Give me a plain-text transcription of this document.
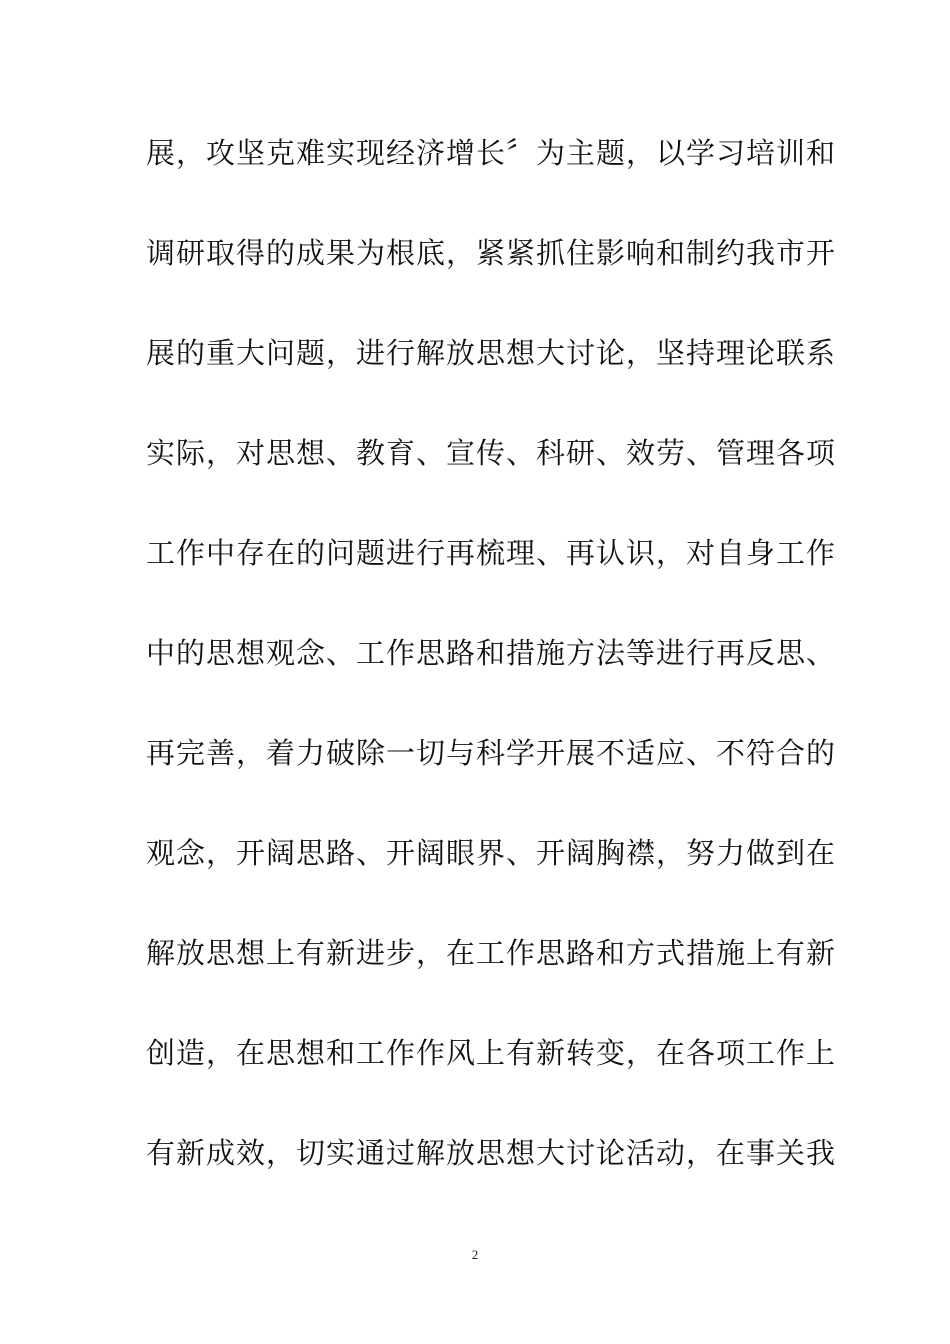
展，攻坚克难实现经济增长〞为主题，以学习培训和
调研取得的成果为根底，紧紧抓住影响和制约我市开
展的重大问题，进行解放思想大讨论，坚持理论联系
实际，对思想、教育、宣传、科研、效劳、管理各项
工作中存在的问题进行再梳理、再认识，对自身工作
中的思想观念、工作思路和措施方法等进行再反思、
再完善，着力破除一切与科学开展不适应、不符合的
观念，开阔思路、开阔眼界、开阔胸襟，努力做到在
解放思想上有新进步，在工作思路和方式措施上有新
创造，在思想和工作作风上有新转变，在各项工作上
有新成效，切实通过解放思想大讨论活动，在事关我
2
